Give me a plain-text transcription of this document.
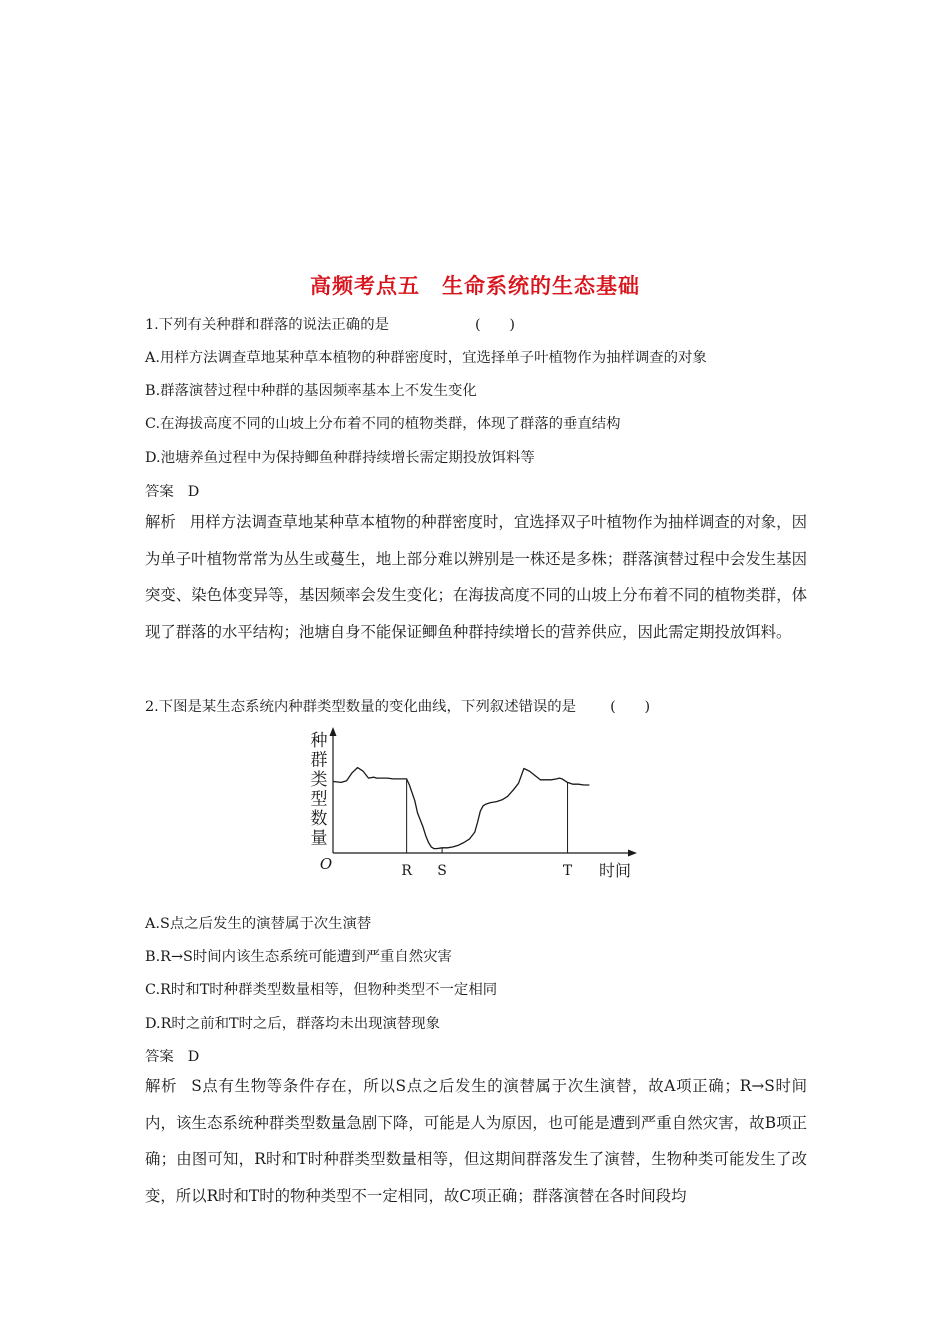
高频考点五　生命系统的生态基础
1.下列有关种群和群落的说法正确的是	(　　)
A.用样方法调查草地某种草本植物的种群密度时，宜选择单子叶植物作为抽样调查的对象
B.群落演替过程中种群的基因频率基本上不发生变化
C.在海拔高度不同的山坡上分布着不同的植物类群，体现了群落的垂直结构
D.池塘养鱼过程中为保持鲫鱼种群持续增长需定期投放饵料等
答案 D
解析 用样方法调查草地某种草本植物的种群密度时，宜选择双子叶植物作为抽样调查的对象，因为单子叶植物常常为丛生或蔓生，地上部分难以辨别是一株还是多株；群落演替过程中会发生基因突变、染色体变异等，基因频率会发生变化；在海拔高度不同的山坡上分布着不同的植物类群，体现了群落的水平结构；池塘自身不能保证鲫鱼种群持续增长的营养供应，因此需定期投放饵料。
2.下图是某生态系统内种群类型数量的变化曲线，下列叙述错误的是 (　　)
种
群
类
型
数
量
O	时间
R S	T
A.S点之后发生的演替属于次生演替
B.R→S时间内该生态系统可能遭到严重自然灾害
C.R时和T时种群类型数量相等，但物种类型不一定相同
D.R时之前和T时之后，群落均未出现演替现象
答案 D
解析 S点有生物等条件存在，所以S点之后发生的演替属于次生演替，故A项正确；R→S时间内，该生态系统种群类型数量急剧下降，可能是人为原因，也可能是遭到严重自然灾害，故B项正确；由图可知，R时和T时种群类型数量相等，但这期间群落发生了演替，生物种类可能发生了改变，所以R时和T时的物种类型不一定相同，故C项正确；群落演替在各时间段均
